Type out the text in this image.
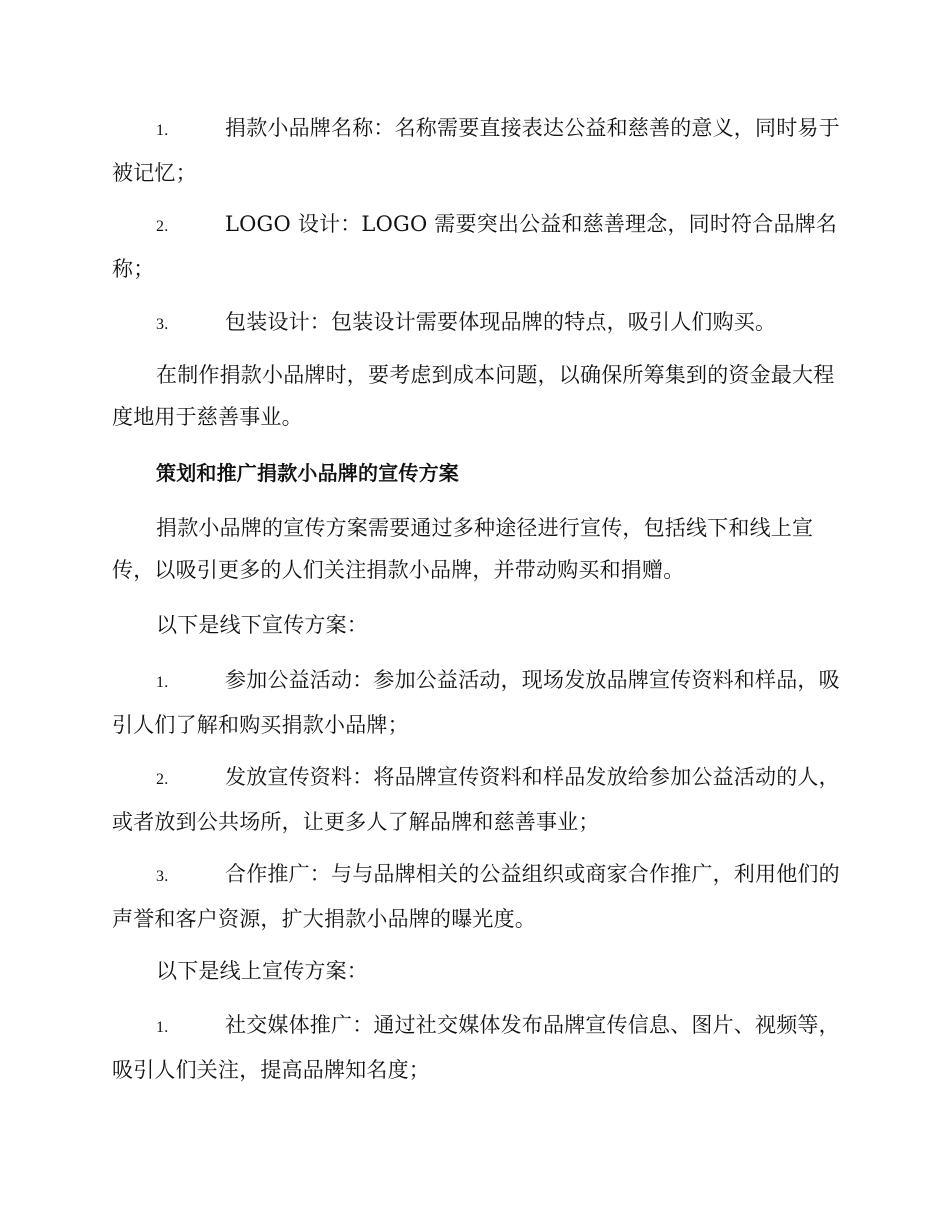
1.	捐款小品牌名称：名称需要直接表达公益和慈善的意义，同时易于被记忆；
2.	LOGO 设计：LOGO 需要突出公益和慈善理念，同时符合品牌名称；
3.	包装设计：包装设计需要体现品牌的特点，吸引人们购买。
在制作捐款小品牌时，要考虑到成本问题，以确保所筹集到的资金最大程度地用于慈善事业。
策划和推广捐款小品牌的宣传方案
捐款小品牌的宣传方案需要通过多种途径进行宣传，包括线下和线上宣传，以吸引更多的人们关注捐款小品牌，并带动购买和捐赠。
以下是线下宣传方案：
1.	参加公益活动：参加公益活动，现场发放品牌宣传资料和样品，吸引人们了解和购买捐款小品牌；
2.	发放宣传资料：将品牌宣传资料和样品发放给参加公益活动的人，或者放到公共场所，让更多人了解品牌和慈善事业；
3.	合作推广：与与品牌相关的公益组织或商家合作推广，利用他们的声誉和客户资源，扩大捐款小品牌的曝光度。
以下是线上宣传方案：
1.	社交媒体推广：通过社交媒体发布品牌宣传信息、图片、视频等，吸引人们关注，提高品牌知名度；
